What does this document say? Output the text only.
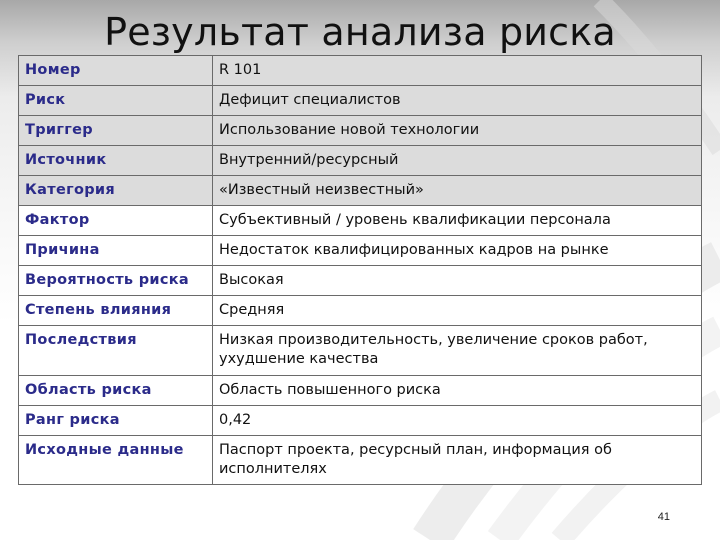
Результат анализа риска
Номер	R 101
Риск	Дефицит специалистов
Триггер	Использование новой технологии
Источник	Внутренний/ресурсный
Категория	«Известный неизвестный»
Фактор	Субъективный / уровень квалификации персонала
Причина	Недостаток квалифицированных кадров на рынке
Вероятность риска	Высокая
Степень влияния	Средняя
Последствия	Низкая производительность, увеличение сроков работ, ухудшение качества
Область риска	Область повышенного риска
Ранг риска	0,42
Исходные данные	Паспорт проекта, ресурсный план, информация об исполнителях
41
